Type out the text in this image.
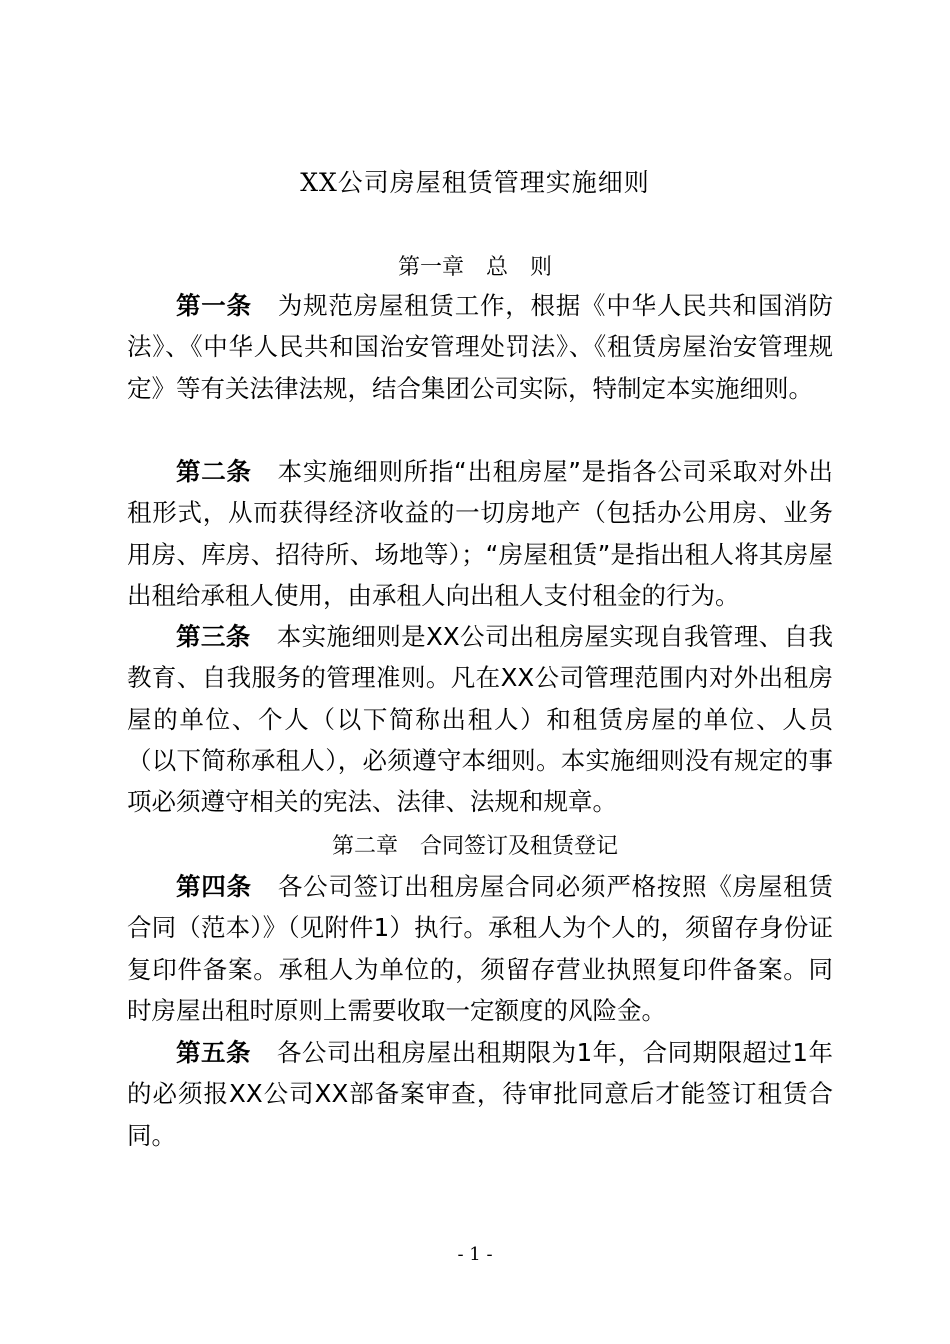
XX公司房屋租赁管理实施细则
第一章　总　则

第一条 为规范房屋租赁工作，根据《中华人民共和国消防法》、《中华人民共和国治安管理处罚法》、《租赁房屋治安管理规定》等有关法律法规，结合集团公司实际，特制定本实施细则。

第二条 本实施细则所指“出租房屋”是指各公司采取对外出租形式，从而获得经济收益的一切房地产（包括办公用房、业务用房、库房、招待所、场地等）；“房屋租赁”是指出租人将其房屋出租给承租人使用，由承租人向出租人支付租金的行为。

第三条 本实施细则是XX公司出租房屋实现自我管理、自我教育、自我服务的管理准则。凡在XX公司管理范围内对外出租房屋的单位、个人（以下简称出租人）和租赁房屋的单位、人员（以下简称承租人），必须遵守本细则。本实施细则没有规定的事项必须遵守相关的宪法、法律、法规和规章。

第二章　合同签订及租赁登记

第四条 各公司签订出租房屋合同必须严格按照《房屋租赁合同（范本）》（见附件1）执行。承租人为个人的，须留存身份证复印件备案。承租人为单位的，须留存营业执照复印件备案。同时房屋出租时原则上需要收取一定额度的风险金。

第五条 各公司出租房屋出租期限为1年，合同期限超过1年的必须报XX公司XX部备案审查，待审批同意后才能签订租赁合同。

- 1 -
